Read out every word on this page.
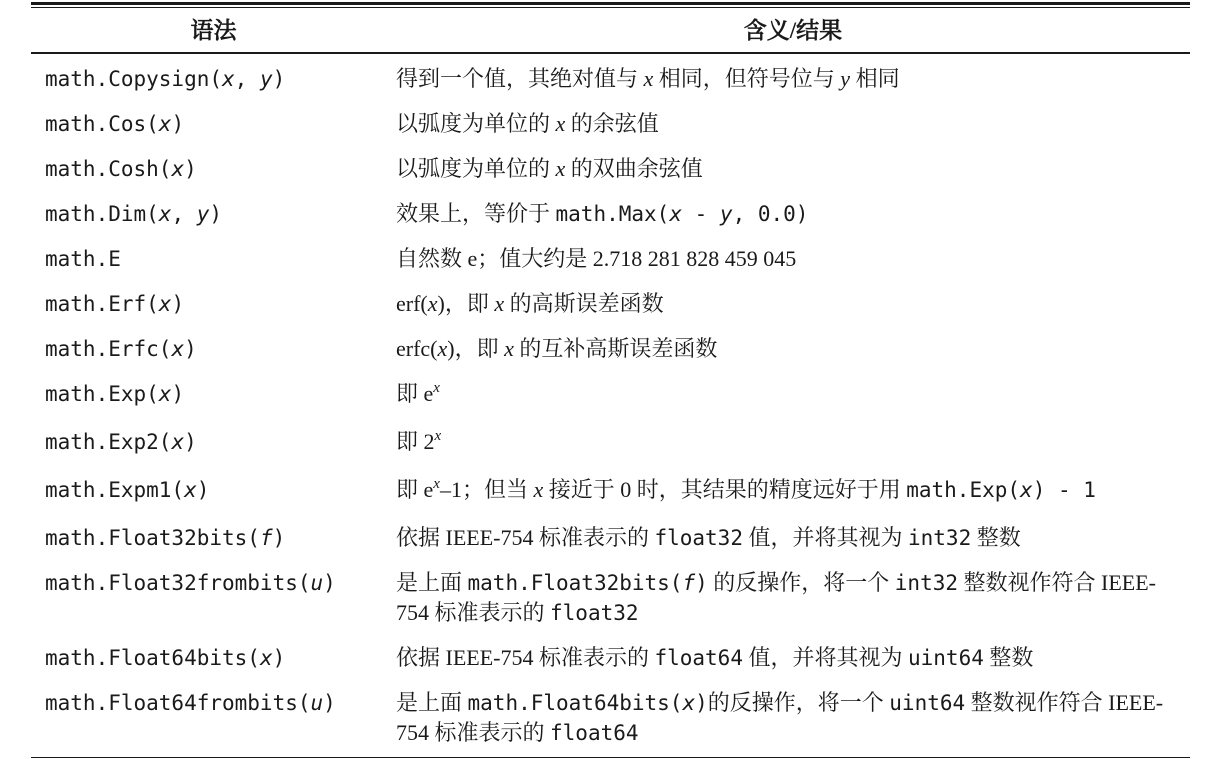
语法	含义/结果
math.Copysign(x, y)	得到一个值，其绝对值与 x 相同，但符号位与 y 相同
math.Cos(x)	以弧度为单位的 x 的余弦值
math.Cosh(x)	以弧度为单位的 x 的双曲余弦值
math.Dim(x, y)	效果上，等价于 math.Max(x - y, 0.0)
math.E	自然数 e；值大约是 2.718 281 828 459 045
math.Erf(x)	erf(x)，即 x 的高斯误差函数
math.Erfc(x)	erfc(x)，即 x 的互补高斯误差函数
math.Exp(x)	即 $e^x$
math.Exp2(x)	即 2$^x$
math.Expm1(x)	即 $e^x-1$；但当 x 接近于 0 时，其结果的精度远好于用 math.Exp(x) - 1
math.Float32bits(f)	依据 IEEE-754 标准表示的 float32 值，并将其视为 int32 整数
math.Float32frombits(u)	是上面 math.Float32bits(f) 的反操作，将一个 int32 整数视作符合 IEEE-754 标准表示的 float32
math.Float64bits(x)	依据 IEEE-754 标准表示的 float64 值，并将其视为 uint64 整数
math.Float64frombits(u)	是上面 math.Float64bits(x)的反操作，将一个 uint64 整数视作符合 IEEE-754 标准表示的 float64
